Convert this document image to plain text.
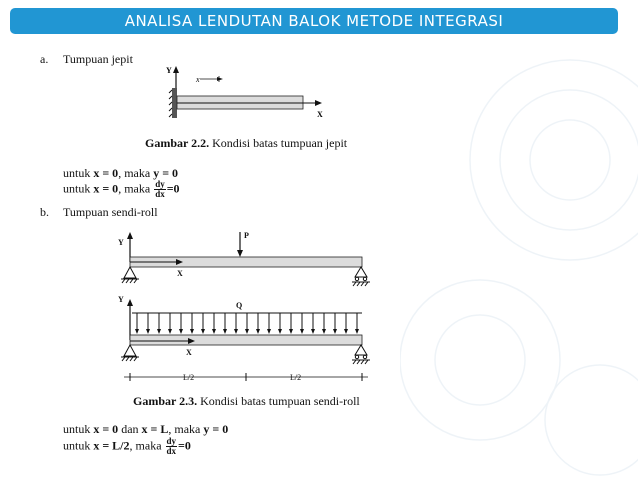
ANALISA LENDUTAN BALOK METODE INTEGRASI
a. Tumpuan jepit
Y
x
X
Gambar 2.2. Kondisi batas tumpuan jepit
untuk x = 0, maka y = 0
untuk x = 0, maka $\frac{dy}{dx} =0$
b. Tumpuan sendi-roll
Y
X
P
Y
Q
X
L/2	L/2
Gambar 2.3. Kondisi batas tumpuan sendi-roll
untuk x = 0 dan x = L, maka y = 0
untuk x = L/2, maka $\frac{dy}{dx} =0$
